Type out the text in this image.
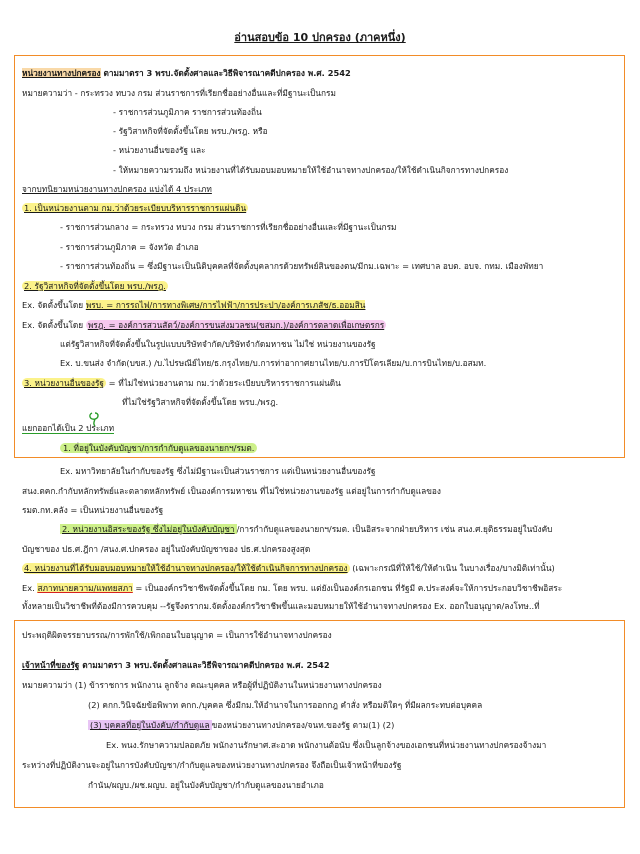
อ่านสอบข้อ 10 ปกครอง (ภาคหนึ่ง)
หน่วยงานทางปกครอง ตามมาตรา 3 พรบ.จัดตั้งศาลและวิธีพิจารณาคดีปกครอง พ.ศ. 2542
หมายความว่า - กระทรวง ทบวง กรม ส่วนราชการที่เรียกชื่ออย่างอื่นและที่มีฐานะเป็นกรม
- ราชการส่วนภูมิภาค ราชการส่วนท้องถิ่น
- รัฐวิสาหกิจที่จัดตั้งขึ้นโดย พรบ./พรฎ. หรือ
- หน่วยงานอื่นของรัฐ และ
- ให้หมายความรวมถึง หน่วยงานที่ได้รับมอบมอบหมายให้ใช้อำนาจทางปกครอง/ให้ใช้ดำเนินกิจการทางปกครอง
จากบทนิยามหน่วยงานทางปกครอง แบ่งได้ 4 ประเภท
1. เป็นหน่วยงานตาม กม.ว่าด้วยระเบียบบริหารราชการแผ่นดิน
- ราชการส่วนกลาง = กระทรวง ทบวง กรม ส่วนราชการที่เรียกชื่ออย่างอื่นและที่มีฐานะเป็นกรม
- ราชการส่วนภูมิภาค = จังหวัด อำเภอ
- ราชการส่วนท้องถิ่น = ซึ่งมีฐานะเป็นนิติบุคคลที่จัดตั้งบุคลากรด้วยทรัพย์สินของตน/มีกม.เฉพาะ = เทศบาล อบต. อบจ. กทม. เมืองพัทยา
2. รัฐวิสาหกิจที่จัดตั้งขึ้นโดย พรบ./พรฎ.
Ex. จัดตั้งขึ้นโดย พรบ. = การรถไฟ/การทางพิเศษ/การไฟฟ้า/การประปา/องค์การเภสัช/ธ.ออมสิน
Ex. จัดตั้งขึ้นโดย พรฎ. = องค์การสวนสัตว์/องค์การขนส่งมวลชน(ขสมก.)/องค์การตลาดเพื่อเกษตรกร
แต่รัฐวิสาหกิจที่จัดตั้งขึ้นในรูปแบบบริษัทจำกัด/บริษัทจำกัดมหาชน ไม่ใช่ หน่วยงานของรัฐ
Ex. บ.ขนส่ง จำกัด(บขส.) /บ.ไปรษณีย์ไทย/ธ.กรุงไทย/บ.การท่าอากาศยานไทย/บ.การปิโตรเลียม/บ.การบินไทย/บ.อสมท.
3. หน่วยงานอื่นของรัฐ = ที่ไม่ใช่หน่วยงานตาม กม.ว่าด้วยระเบียบบริหารราชการแผ่นดิน
ที่ไม่ใช่รัฐวิสาหกิจที่จัดตั้งขึ้นโดย พรบ./พรฎ.
แยกออกได้เป็น 2 ประเภท
1. ที่อยู่ในบังคับบัญชา/การกำกับดูแลของนายกฯ/รมต.
Ex. มหาวิทยาลัยในกำกับของรัฐ ซึ่งไม่มีฐานะเป็นส่วนราชการ แต่เป็นหน่วยงานอื่นของรัฐ
สนง.ตคก.กำกับหลักทรัพย์และตลาดหลักทรัพย์ เป็นองค์การมหาชน ที่ไม่ใช่หน่วยงานของรัฐ แต่อยู่ในการกำกับดูแลของ
รมต.กท.คลัง = เป็นหน่วยงานอื่นของรัฐ
2. หน่วยงานอิสระของรัฐ ซึ่งไม่อยู่ในบังคับบัญชา /การกำกับดูแลของนายกฯ/รมต. เป็นอิสระจากฝ่ายบริหาร เช่น สนง.ศ.ยุติธรรมอยู่ในบังคับ
บัญชาของ ปธ.ศ.ฎีกา /สนง.ศ.ปกครอง อยู่ในบังคับบัญชาของ ปธ.ศ.ปกครองสูงสุด
4. หน่วยงานที่ได้รับมอบมอบหมายให้ใช้อำนาจทางปกครอง/ให้ใช้ดำเนินกิจการทางปกครอง (เฉพาะกรณีที่ให้ใช้/ให้ดำเนิน ในบางเรื่อง/บางมิติเท่านั้น)
Ex. สภาทนายความ/แพทยสภา = เป็นองค์กรวิชาชีพจัดตั้งขึ้นโดย กม. โดย พรบ. แต่ยังเป็นองค์กรเอกชน ที่รัฐมี ค.ประสงค์จะให้การประกอบวิชาชีพอิสระ
ทั้งหลายเป็นวิชาชีพที่ต้องมีการควบคุม --รัฐจึงตรากม.จัดตั้งองค์กรวิชาชีพขึ้นและมอบหมายให้ใช้อำนาจทางปกครอง Ex. ออกใบอนุญาต/ลงโทษ..ที่
ประพฤติผิดจรรยาบรรณ/การพักใช้/เพิกถอนใบอนุญาต = เป็นการใช้อำนาจทางปกครอง
เจ้าหน้าที่ของรัฐ ตามมาตรา 3 พรบ.จัดตั้งศาลและวิธีพิจารณาคดีปกครอง พ.ศ. 2542
หมายความว่า (1) ข้าราชการ พนักงาน ลูกจ้าง คณะบุคคล หรือผู้ที่ปฏิบัติงานในหน่วยงานทางปกครอง
(2) คกก.วินิจฉัยข้อพิพาท คกก./บุคคล ซึ่งมีกม.ให้อำนาจในการออกกฎ คำสั่ง หรือมติใดๆ ที่มีผลกระทบต่อบุคคล
(3) บุคคลที่อยู่ในบังคับ/กำกับดูแล ของหน่วยงานทางปกครอง/จนท.ของรัฐ ตาม(1) (2)
Ex. พนง.รักษาความปลอดภัย พนักงานรักษาศ.สะอาด พนักงานต้อนับ ซึ่งเป็นลูกจ้างของเอกชนที่หน่วยงานทางปกครองจ้างมา
ระหว่างที่ปฏิบัติงานจะอยู่ในการบังคับบัญชา/กำกับดูแลของหน่วยงานทางปกครอง จึงถือเป็นเจ้าหน้าที่ของรัฐ
กำนัน/ผญบ./ผช.ผญบ. อยู่ในบังคับบัญชา/กำกับดูแลของนายอำเภอ
